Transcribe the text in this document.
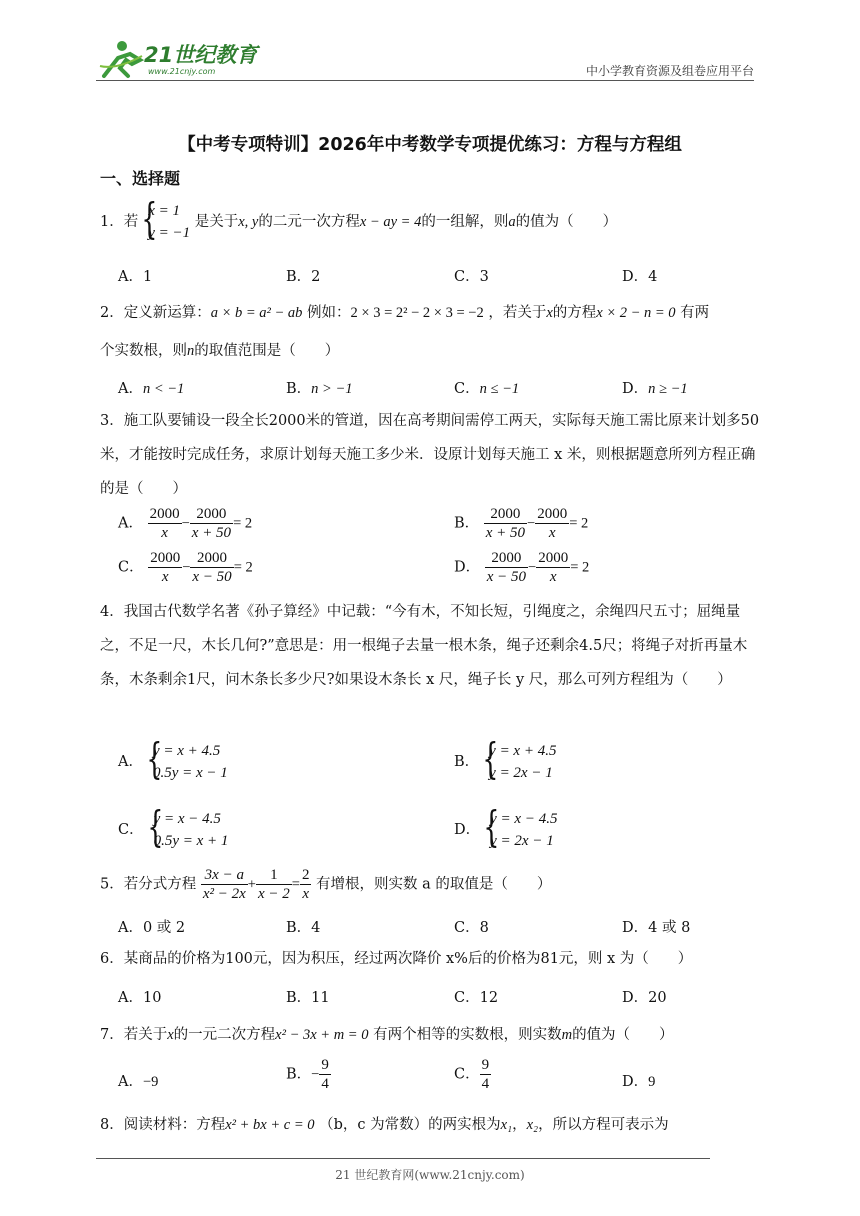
21世纪教育
www.21cnjy.com	中小学教育资源及组卷应用平台
【中考专项特训】2026年中考数学专项提优练习：方程与方程组
一、选择题
1．若
{ x = 1
y = −1
是关于x, y的二元一次方程x − ay = 4的一组解，则a的值为（　　）
A．1	B．2	C．3	D．4
2．定义新运算：a × b = a² − ab 例如：2 × 3 = 2² − 2 × 3 = −2 ，若关于x的方程x × 2 − n = 0 有两
个实数根，则n的取值范围是（　　）
A．n < −1	B．n > −1	C．n ≤ −1	D．n ≥ −1
3．施工队要铺设一段全长2000米的管道，因在高考期间需停工两天，实际每天施工需比原来计划多50米，才能按时完成任务，求原计划每天施工多少米．设原计划每天施工 x 米，则根据题意所列方程正确的是（　　）
A． $\frac{2000}{x} - \frac{2000}{x + 50} = 2$	B． $\frac{2000}{x + 50} - \frac{2000}{x} = 2$
C． $\frac{2000}{x} - \frac{2000}{x - 50} = 2$	D． $\frac{2000}{x - 50} - \frac{2000}{x} = 2$
4．我国古代数学名著《孙子算经》中记载：“今有木，不知长短，引绳度之，余绳四尺五寸；屈绳量之，不足一尺，木长几何?”意思是：用一根绳子去量一根木条，绳子还剩余4.5尺；将绳子对折再量木条，木条剩余1尺，问木条长多少尺?如果设木条长 x 尺，绳子长 y 尺，那么可列方程组为（　　）
A．
{ y = x + 4.5
0.5y = x − 1
B．
{ y = x + 4.5
y = 2x − 1
C．
{ y = x − 4.5
0.5y = x + 1
D．
{ y = x − 4.5
y = 2x − 1
5．若分式方程 $\frac{3x - a}{\text{x² − 2x}} + \frac{1}{x - 2} = \frac{2}{x}$ 有增根，则实数 a 的取值是（　　）
A．0 或 2	B．4	C．8	D．4 或 8
6．某商品的价格为100元，因为积压，经过两次降价 x%后的价格为81元，则 x 为（　　）
A．10	B．11	C．12	D．20
7．若关于x的一元二次方程x² − 3x + m = 0 有两个相等的实数根，则实数m的值为（　　）
A．−9	B．− $\frac{9}{4}$	C． $\frac{9}{4}$	D．9
8．阅读材料：方程x² + bx + c = 0 （b，c 为常数）的两实根为x₁，x₂，所以方程可表示为
21 世纪教育网(www.21cnjy.com)
